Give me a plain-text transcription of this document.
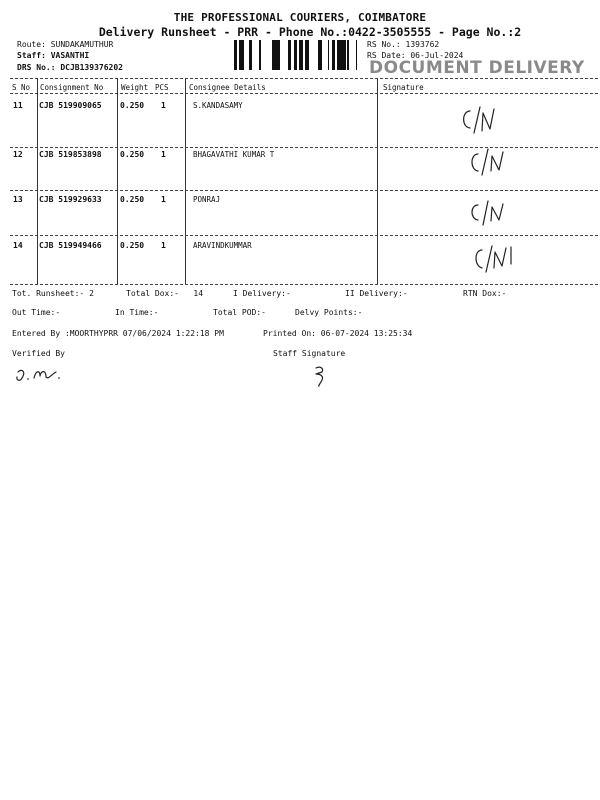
THE PROFESSIONAL COURIERS, COIMBATORE
Delivery Runsheet - PRR - Phone No.:0422-3505555 - Page No.:2
Route: SUNDAKAMUTHUR
Staff: VASANTHI
DRS No.: DCJB139376202
RS No.: 1393762
RS Date: 06-Jul-2024
DOCUMENT DELIVERY
S No Consignment No Weight PCS	Consignee Details	Signature
11 CJB 519909065 0.250 1	S.KANDASAMY
12 CJB 519853898 0.250 1	BHAGAVATHI KUMAR T
13 CJB 519929633 0.250 1	PONRAJ
14 CJB 519949466 0.250 1	ARAVINDKUMMAR
Tot. Runsheet:- 2	Total Dox:-   14	I Delivery:-	II Delivery:-	RTN Dox:-
Out Time:-	In Time:-	Total POD:-	Delvy Points:-
Entered By :MOORTHYPRR 07/06/2024 1:22:18 PM	Printed On: 06-07-2024 13:25:34
Verified By	Staff Signature
